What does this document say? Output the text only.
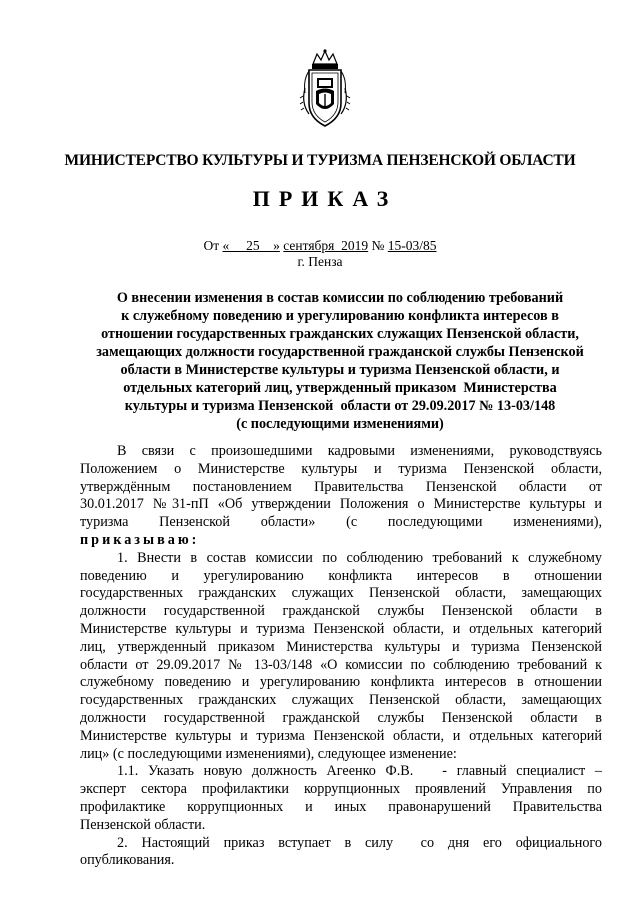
МИНИСТЕРСТВО КУЛЬТУРЫ И ТУРИЗМА ПЕНЗЕНСКОЙ ОБЛАСТИ
ПРИКАЗ
От «     25    » сентября  2019 № 15-03/85
г. Пенза
О внесении изменения в состав комиссии по соблюдению требований
к служебному поведению и урегулированию конфликта интересов в
отношении государственных гражданских служащих Пензенской области,
замещающих должности государственной гражданской службы Пензенской
области в Министерстве культуры и туризма Пензенской области, и
отдельных категорий лиц, утвержденный приказом  Министерства
культуры и туризма Пензенской  области от 29.09.2017 № 13-03/148
(с последующими изменениями)
В связи с произошедшими кадровыми изменениями, руководствуясь
Положением о Министерстве культуры и туризма Пензенской области,
утверждённым постановлением Правительства Пензенской области от
30.01.2017 №31-пП «Об утверждении Положения о Министерстве культуры и
туризма Пензенской области» (с последующими изменениями),
приказываю:
1. Внести в состав комиссии по соблюдению требований к служебному
поведению и урегулированию конфликта интересов в отношении
государственных гражданских служащих Пензенской области, замещающих
должности государственной гражданской службы Пензенской области в
Министерстве культуры и туризма Пензенской области, и отдельных категорий
лиц, утвержденный приказом Министерства культуры и туризма Пензенской
области от 29.09.2017 № 13-03/148 «О комиссии по соблюдению требований к
служебному поведению и урегулированию конфликта интересов в отношении
государственных гражданских служащих Пензенской области, замещающих
должности государственной гражданской службы Пензенской области в
Министерстве культуры и туризма Пензенской области, и отдельных категорий
лиц» (с последующими изменениями), следующее изменение:
1.1. Указать новую должность Агеенко Ф.В.   - главный специалист –
эксперт сектора профилактики коррупционных проявлений Управления по
профилактике коррупционных и иных правонарушений Правительства
Пензенской области.
2. Настоящий приказ вступает в силу  со дня его официального
опубликования.
